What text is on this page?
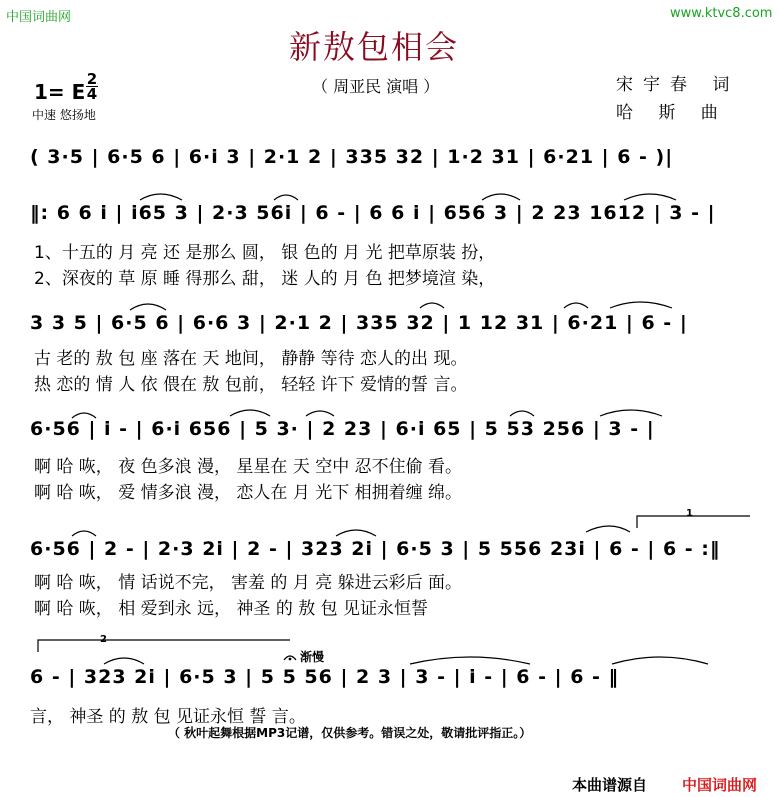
中国词曲网	www.ktvc8.com
新敖包相会
（ 周亚民 演唱 ）
1= E
2
4
中速 悠扬地
宋宇春 词
哈 斯 曲
( 3·5 | 6·5 6 | 6·i 3 | 2·1 2 | 335 32 | 1·2 31 | 6·21 | 6 - )|
‖: 6 6 i | i65 3 | 2·3 56i | 6 - | 6 6 i | 656 3 | 2 23 1612 | 3 - |
1、十五的 月 亮 还 是那么 圆， 银 色的 月 光 把草原装 扮，
2、深夜的 草 原 睡 得那么 甜， 迷 人的 月 色 把梦境渲 染，
3 3 5 | 6·5 6 | 6·6 3 | 2·1 2 | 335 32 | 1 12 31 | 6·21 | 6 - |
古 老的 敖 包 座 落在 天 地间， 静静 等待 恋人的出 现。
热 恋的 情 人 依 偎在 敖 包前， 轻轻 许下 爱情的誓 言。
6·56 | i - | 6·i 656 | 5 3· | 2 23 | 6·i 65 | 5 53 256 | 3 - |
啊 哈 咴， 夜 色多浪 漫， 星星在 天 空中 忍不住偷 看。
啊 哈 咴， 爱 情多浪 漫， 恋人在 月 光下 相拥着缠 绵。
6·56 | 2 - | 2·3 2i | 2 - | 323 2i | 6·5 3 | 5 556 23i | 6 - | 6 - :‖
啊 哈 咴， 情 话说不完， 害羞 的 月 亮 躲进云彩后 面。
啊 哈 咴， 相 爱到永 远， 神圣 的 敖 包 见证永恒誓
渐慢
6 - | 323 2i | 6·5 3 | 5 5 56 | 2 3 | 3 - | i - | 6 - | 6 - ‖
言， 神圣 的 敖 包 见证永恒 誓 言。
（ 秋叶起舞根据MP3记谱，仅供参考。错误之处，敬请批评指正。）
本曲谱源自 中国词曲网
1
2
